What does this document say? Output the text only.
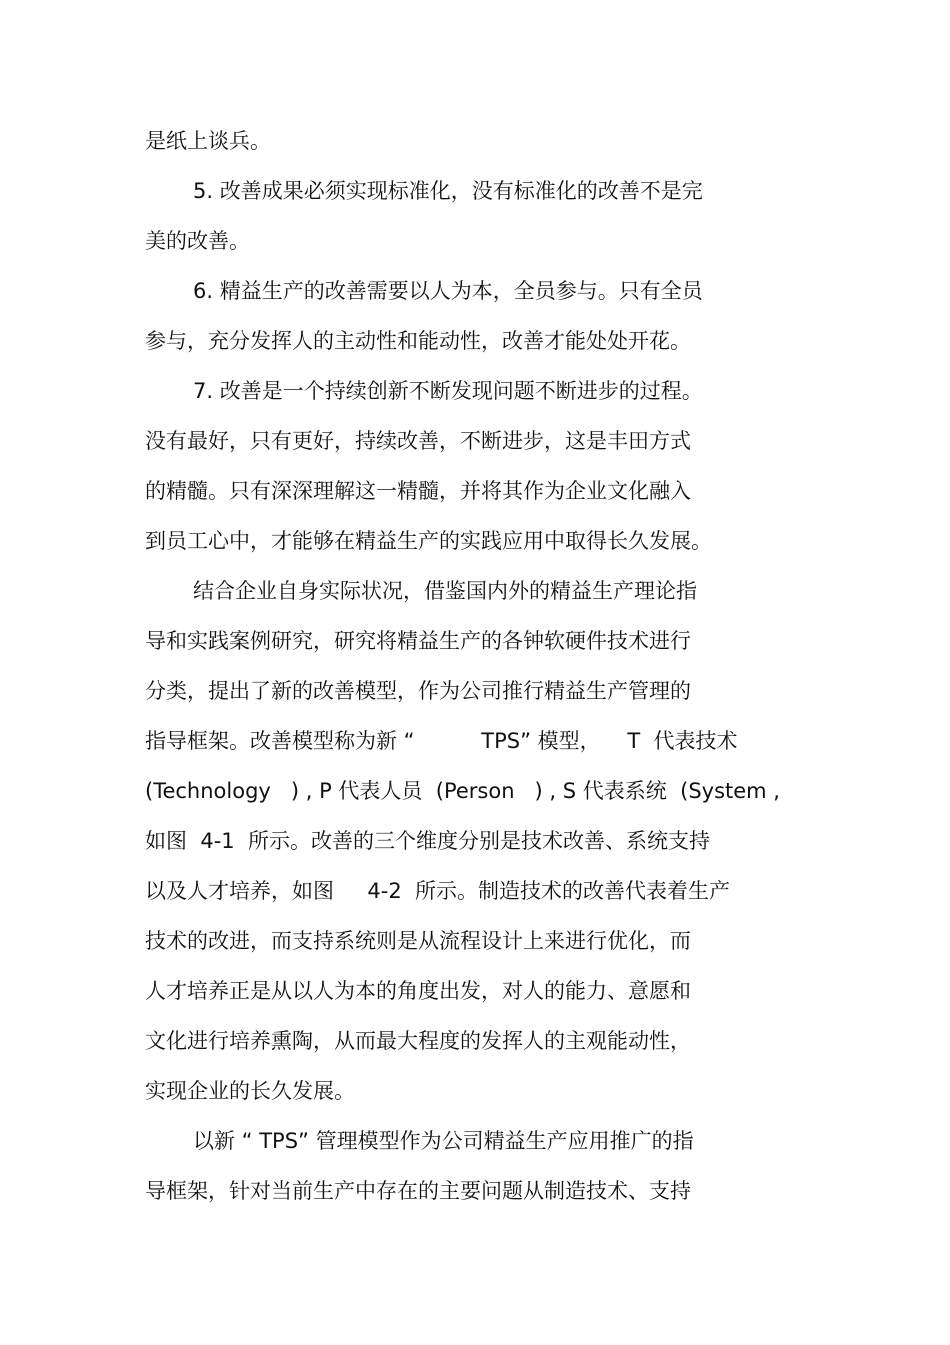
是纸上谈兵。
5. 改善成果必须实现标准化，没有标准化的改善不是完
美的改善。
6. 精益生产的改善需要以人为本，全员参与。只有全员
参与，充分发挥人的主动性和能动性，改善才能处处开花。
7. 改善是一个持续创新不断发现问题不断进步的过程。
没有最好，只有更好，持续改善，不断进步，这是丰田方式
的精髓。只有深深理解这一精髓，并将其作为企业文化融入
到员工心中，才能够在精益生产的实践应用中取得长久发展。
结合企业自身实际状况，借鉴国内外的精益生产理论指
导和实践案例研究，研究将精益生产的各钟软硬件技术进行
分类，提出了新的改善模型，作为公司推行精益生产管理的
指导框架。改善模型称为新 “          TPS” 模型，    T  代表技术
(Technology   ) , P 代表人员  (Person   ) , S 代表系统  (System ,
如图  4-1  所示。改善的三个维度分别是技术改善、系统支持
以及人才培养，如图     4-2  所示。制造技术的改善代表着生产
技术的改进，而支持系统则是从流程设计上来进行优化，而
人才培养正是从以人为本的角度出发，对人的能力、意愿和
文化进行培养熏陶，从而最大程度的发挥人的主观能动性，
实现企业的长久发展。
以新 “ TPS” 管理模型作为公司精益生产应用推广的指
导框架，针对当前生产中存在的主要问题从制造技术、支持
